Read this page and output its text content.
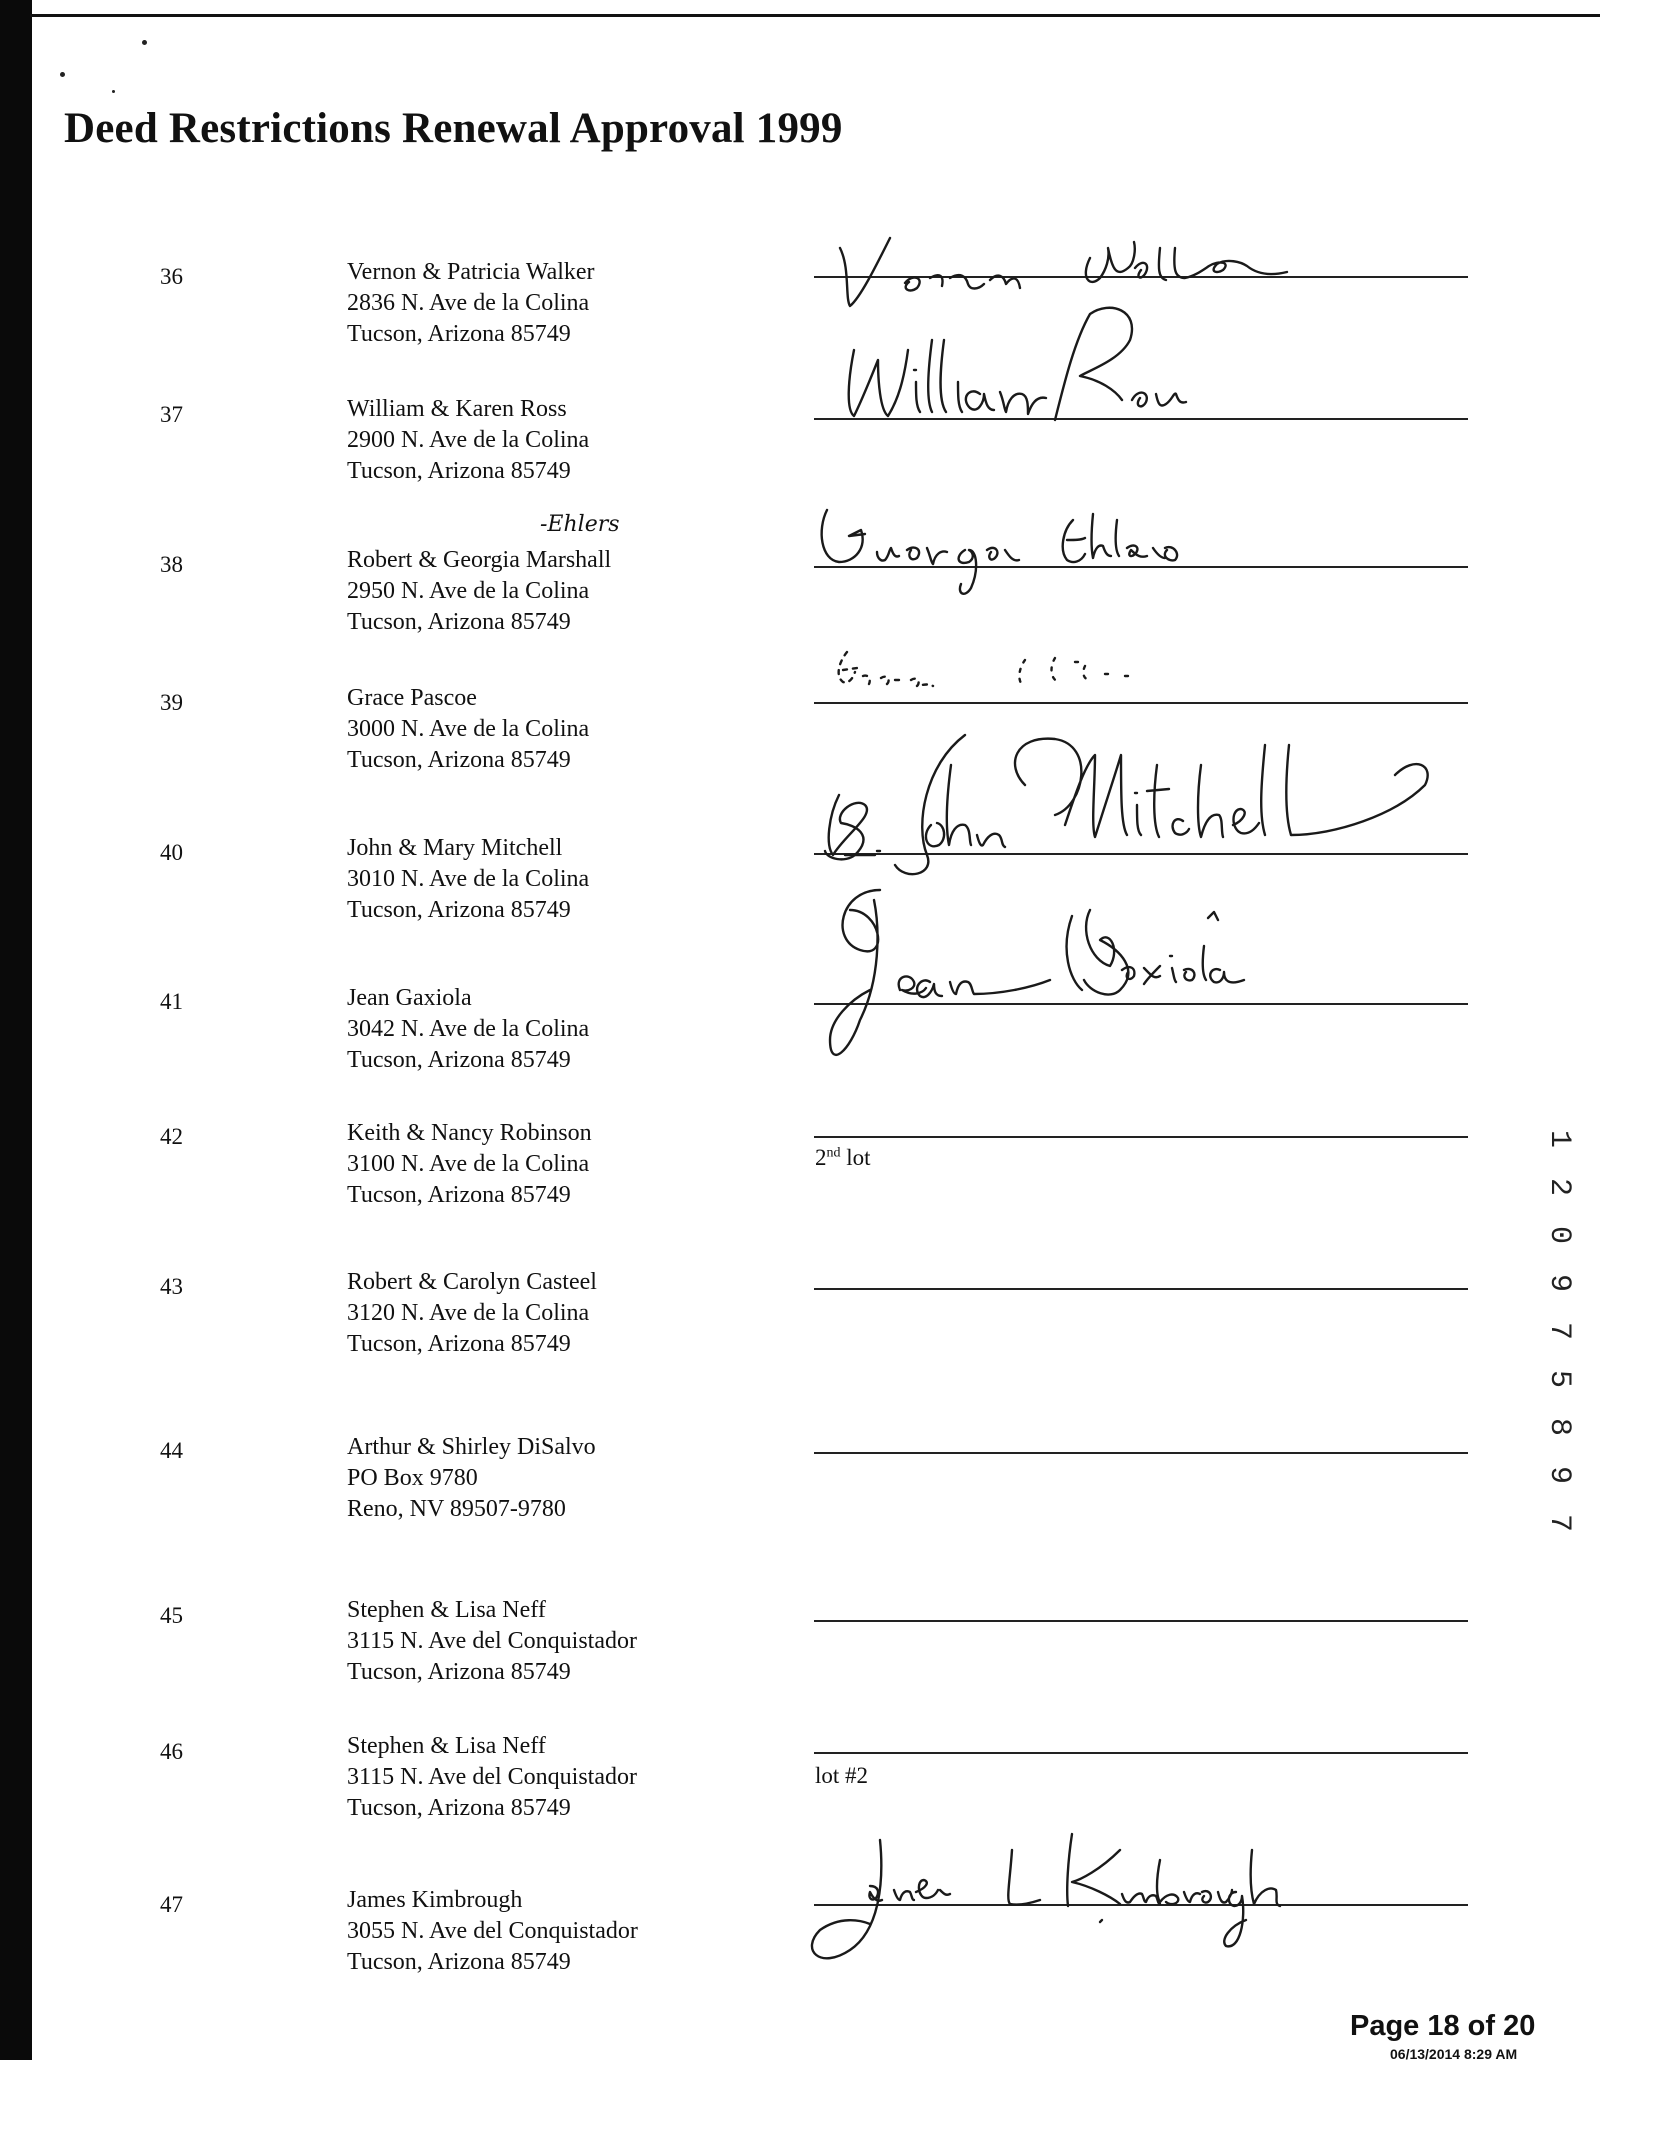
Deed Restrictions Renewal Approval 1999
36	Vernon & Patricia Walker
2836 N. Ave de la Colina
Tucson, Arizona 85749
37	William & Karen Ross
2900 N. Ave de la Colina
Tucson, Arizona 85749
38	Robert & Georgia Marshall
2950 N. Ave de la Colina
Tucson, Arizona 85749
39	Grace Pascoe
3000 N. Ave de la Colina
Tucson, Arizona 85749
40	John & Mary Mitchell
3010 N. Ave de la Colina
Tucson, Arizona 85749
41	Jean Gaxiola
3042 N. Ave de la Colina
Tucson, Arizona 85749
42	Keith & Nancy Robinson
3100 N. Ave de la Colina
Tucson, Arizona 85749
2nd lot
43	Robert & Carolyn Casteel
3120 N. Ave de la Colina
Tucson, Arizona 85749
44	Arthur & Shirley DiSalvo
PO Box 9780
Reno, NV 89507-9780
45	Stephen & Lisa Neff
3115 N. Ave del Conquistador
Tucson, Arizona 85749
46	Stephen & Lisa Neff
3115 N. Ave del Conquistador
Tucson, Arizona 85749
lot #2
47	James Kimbrough
3055 N. Ave del Conquistador
Tucson, Arizona 85749
-Ehlers
1 2 0 9 7 5 8 9 7
Page 18 of 20
06/13/2014 8:29 AM
